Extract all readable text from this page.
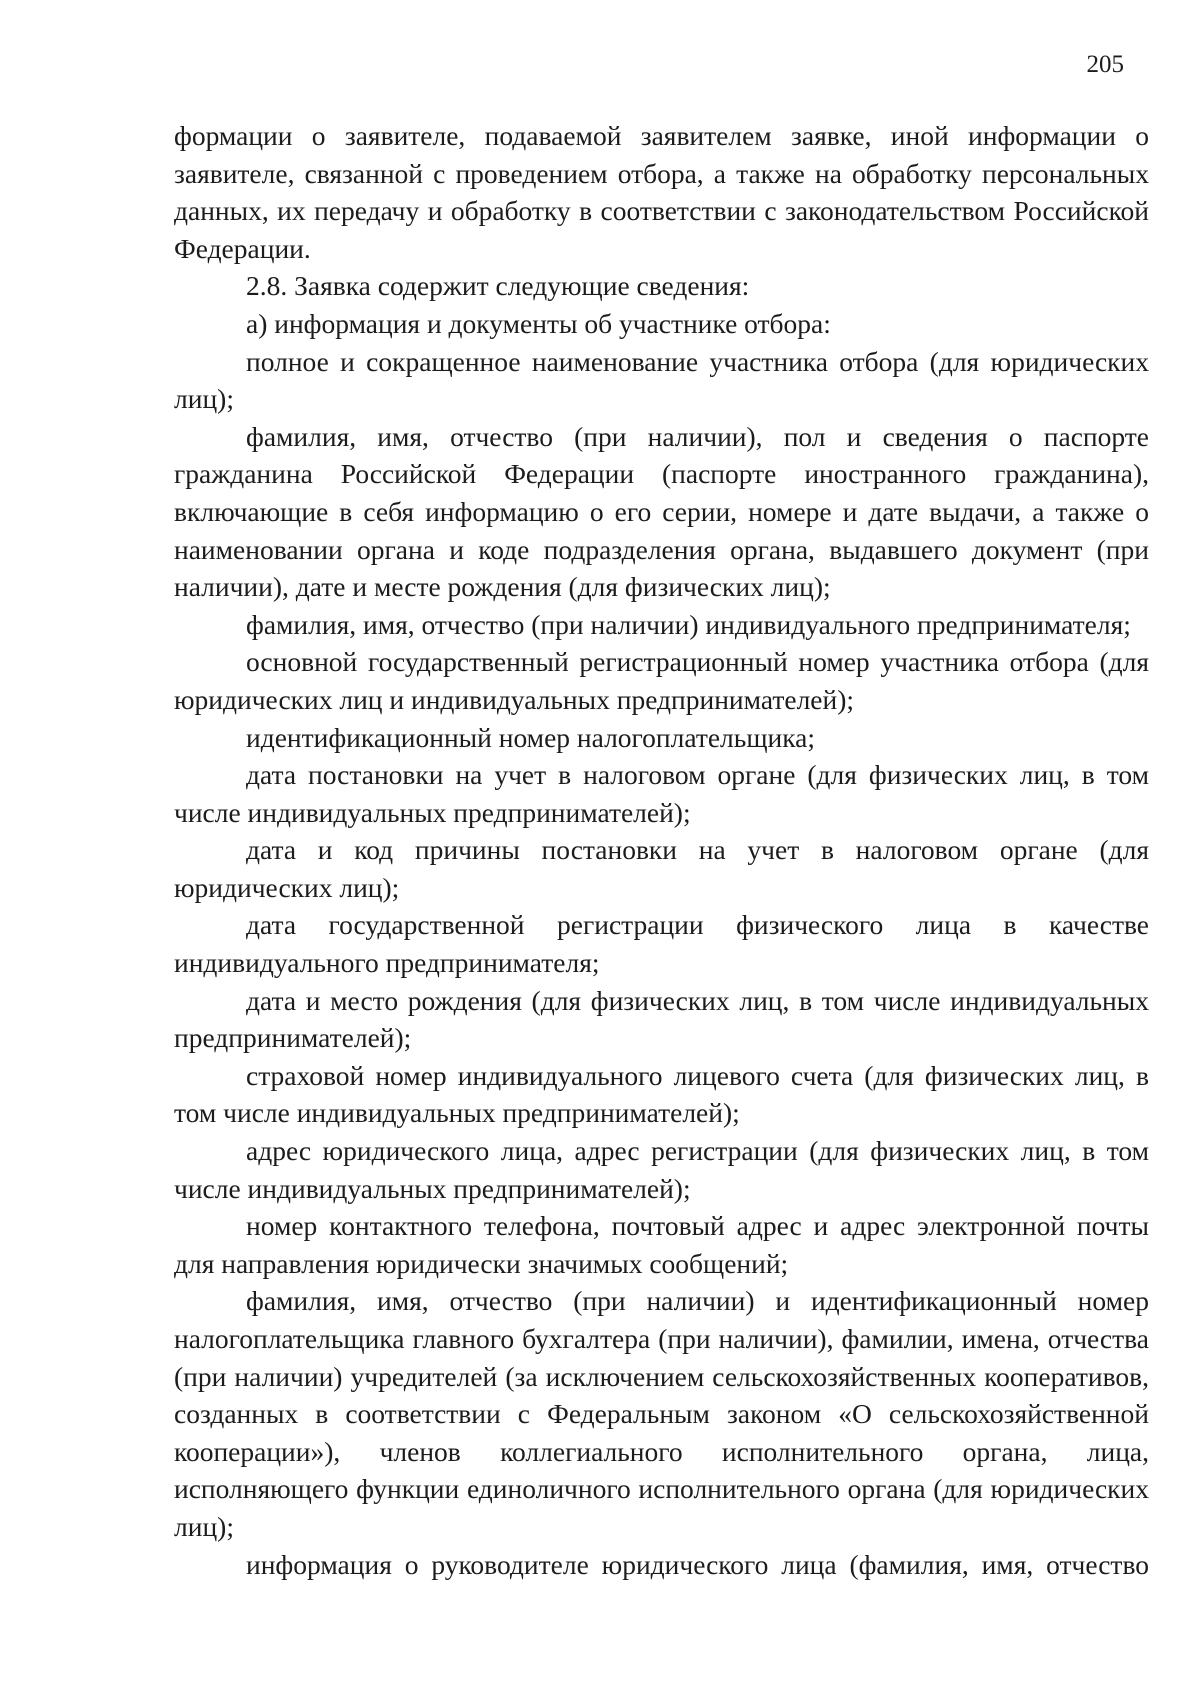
205

формации о заявителе, подаваемой заявителем заявке, иной информации о заявителе, связанной с проведением отбора, а также на обработку персональных данных, их передачу и обработку в соответствии с законодательством Российской Федерации.

2.8. Заявка содержит следующие сведения:

а) информация и документы об участнике отбора:

полное и сокращенное наименование участника отбора (для юридических лиц);

фамилия, имя, отчество (при наличии), пол и сведения о паспорте гражданина Российской Федерации (паспорте иностранного гражданина), включающие в себя информацию о его серии, номере и дате выдачи, а также о наименовании органа и коде подразделения органа, выдавшего документ (при наличии), дате и месте рождения (для физических лиц);

фамилия, имя, отчество (при наличии) индивидуального предпринимателя;

основной государственный регистрационный номер участника отбора (для юридических лиц и индивидуальных предпринимателей);

идентификационный номер налогоплательщика;

дата постановки на учет в налоговом органе (для физических лиц, в том числе индивидуальных предпринимателей);

дата и код причины постановки на учет в налоговом органе (для юридических лиц);

дата государственной регистрации физического лица в качестве индивидуального предпринимателя;

дата и место рождения (для физических лиц, в том числе индивидуальных предпринимателей);

страховой номер индивидуального лицевого счета (для физических лиц, в том числе индивидуальных предпринимателей);

адрес юридического лица, адрес регистрации (для физических лиц, в том числе индивидуальных предпринимателей);

номер контактного телефона, почтовый адрес и адрес электронной почты для направления юридически значимых сообщений;

фамилия, имя, отчество (при наличии) и идентификационный номер налогоплательщика главного бухгалтера (при наличии), фамилии, имена, отчества (при наличии) учредителей (за исключением сельскохозяйственных кооперативов, созданных в соответствии с Федеральным законом «О сельскохозяйственной кооперации»), членов коллегиального исполнительного органа, лица, исполняющего функции единоличного исполнительного органа (для юридических лиц);

информация о руководителе юридического лица (фамилия, имя, отчество
